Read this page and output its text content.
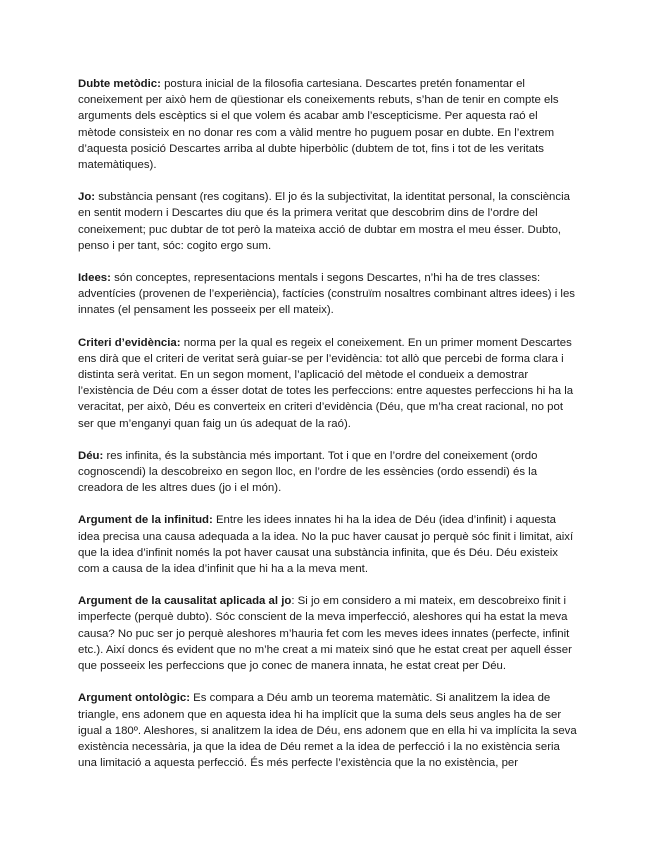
Dubte metòdic: postura inicial de la filosofia cartesiana. Descartes pretén fonamentar el coneixement per això hem de qüestionar els coneixements rebuts, s’han de tenir en compte els arguments dels escèptics si el que volem és acabar amb l’escepticisme. Per aquesta raó el mètode consisteix en no donar res com a vàlid mentre ho puguem posar en dubte. En l’extrem d’aquesta posició Descartes arriba al dubte hiperbòlic (dubtem de tot, fins i tot de les veritats matemàtiques).

Jo: substància pensant (res cogitans). El jo és la subjectivitat, la identitat personal, la consciència en sentit modern i Descartes diu que és la primera veritat que descobrim dins de l’ordre del coneixement; puc dubtar de tot però la mateixa acció de dubtar em mostra el meu ésser. Dubto, penso i per tant, sóc: cogito ergo sum.

Idees: són conceptes, representacions mentals i segons Descartes, n’hi ha de tres classes: adventícies (provenen de l’experiència), factícies (construïm nosaltres combinant altres idees) i les innates (el pensament les posseeix per ell mateix).

Criteri d’evidència: norma per la qual es regeix el coneixement. En un primer moment Descartes ens dirà que el criteri de veritat serà guiar-se per l’evidència: tot allò que percebi de forma clara i distinta serà veritat. En un segon moment, l’aplicació del mètode el condueix a demostrar l’existència de Déu com a ésser dotat de totes les perfeccions: entre aquestes perfeccions hi ha la veracitat, per això, Déu es converteix en criteri d’evidència (Déu, que m’ha creat racional, no pot ser que m’enganyi quan faig un ús adequat de la raó).

Déu: res infinita, és la substància més important. Tot i que en l’ordre del coneixement (ordo cognoscendi) la descobreixo en segon lloc, en l’ordre de les essències (ordo essendi) és la creadora de les altres dues (jo i el món).

Argument de la infinitud: Entre les idees innates hi ha la idea de Déu (idea d’infinit) i aquesta idea precisa una causa adequada a la idea. No la puc haver causat jo perquè sóc finit i limitat, així que la idea d’infinit només la pot haver causat una substància infinita, que és Déu. Déu existeix com a causa de la idea d’infinit que hi ha a la meva ment.

Argument de la causalitat aplicada al jo: Si jo em considero a mi mateix, em descobreixo finit i imperfecte (perquè dubto). Sóc conscient de la meva imperfecció, aleshores qui ha estat la meva causa? No puc ser jo perquè aleshores m’hauria fet com les meves idees innates (perfecte, infinit etc.). Així doncs és evident que no m’he creat a mi mateix sinó que he estat creat per aquell ésser que posseeix les perfeccions que jo conec de manera innata, he estat creat per Déu.

Argument ontològic: Es compara a Déu amb un teorema matemàtic. Si analitzem la idea de triangle, ens adonem que en aquesta idea hi ha implícit que la suma dels seus angles ha de ser igual a 180º. Aleshores, si analitzem la idea de Déu, ens adonem que en ella hi va implícita la seva existència necessària, ja que la idea de Déu remet a la idea de perfecció i la no existència seria una limitació a aquesta perfecció. És més perfecte l’existència que la no existència, per
